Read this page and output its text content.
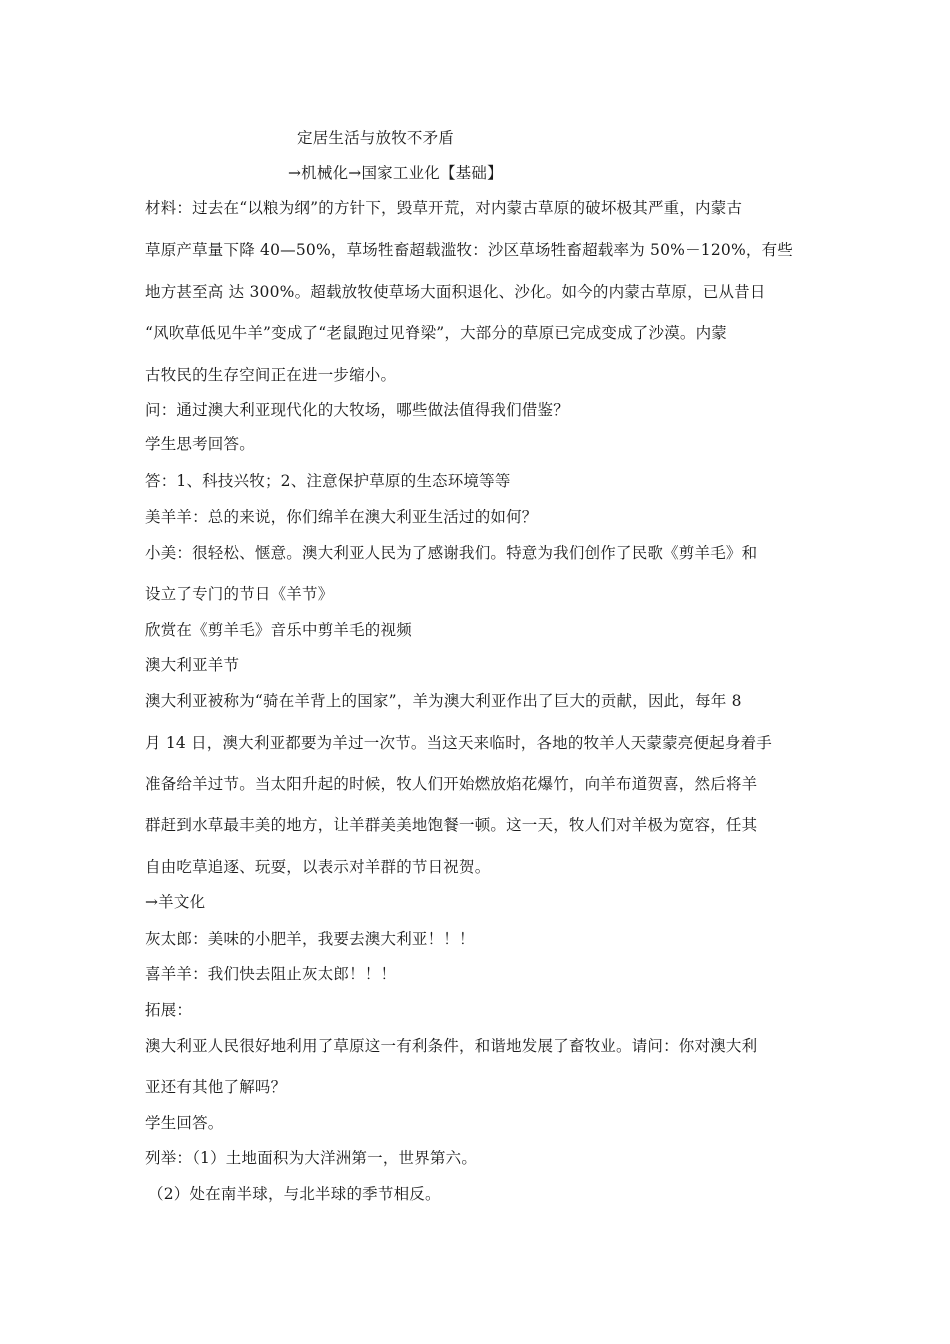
定居生活与放牧不矛盾
→机械化→国家工业化【基础】
材料：过去在“以粮为纲”的方针下，毁草开荒，对内蒙古草原的破坏极其严重，内蒙古
草原产草量下降 40—50%，草场牲畜超载滥牧：沙区草场牲畜超载率为 50%－120%，有些
地方甚至高 达 300%。超载放牧使草场大面积退化、沙化。如今的内蒙古草原，已从昔日
“风吹草低见牛羊”变成了“老鼠跑过见脊梁”，大部分的草原已完成变成了沙漠。内蒙
古牧民的生存空间正在进一步缩小。
问：通过澳大利亚现代化的大牧场，哪些做法值得我们借鉴？
学生思考回答。
答：1、科技兴牧；2、注意保护草原的生态环境等等
美羊羊：总的来说，你们绵羊在澳大利亚生活过的如何？
小美：很轻松、惬意。澳大利亚人民为了感谢我们。特意为我们创作了民歌《剪羊毛》和
设立了专门的节日《羊节》
欣赏在《剪羊毛》音乐中剪羊毛的视频
澳大利亚羊节
澳大利亚被称为“骑在羊背上的国家”，羊为澳大利亚作出了巨大的贡献，因此，每年 8
月 14 日，澳大利亚都要为羊过一次节。当这天来临时，各地的牧羊人天蒙蒙亮便起身着手
准备给羊过节。当太阳升起的时候，牧人们开始燃放焰花爆竹，向羊布道贺喜，然后将羊
群赶到水草最丰美的地方，让羊群美美地饱餐一顿。这一天，牧人们对羊极为宽容，任其
自由吃草追逐、玩耍，以表示对羊群的节日祝贺。
→羊文化
灰太郎：美味的小肥羊，我要去澳大利亚！！！
喜羊羊：我们快去阻止灰太郎！！！
拓展：
澳大利亚人民很好地利用了草原这一有利条件，和谐地发展了畜牧业。请问：你对澳大利
亚还有其他了解吗？
学生回答。
列举：（1）土地面积为大洋洲第一，世界第六。
（2）处在南半球，与北半球的季节相反。
